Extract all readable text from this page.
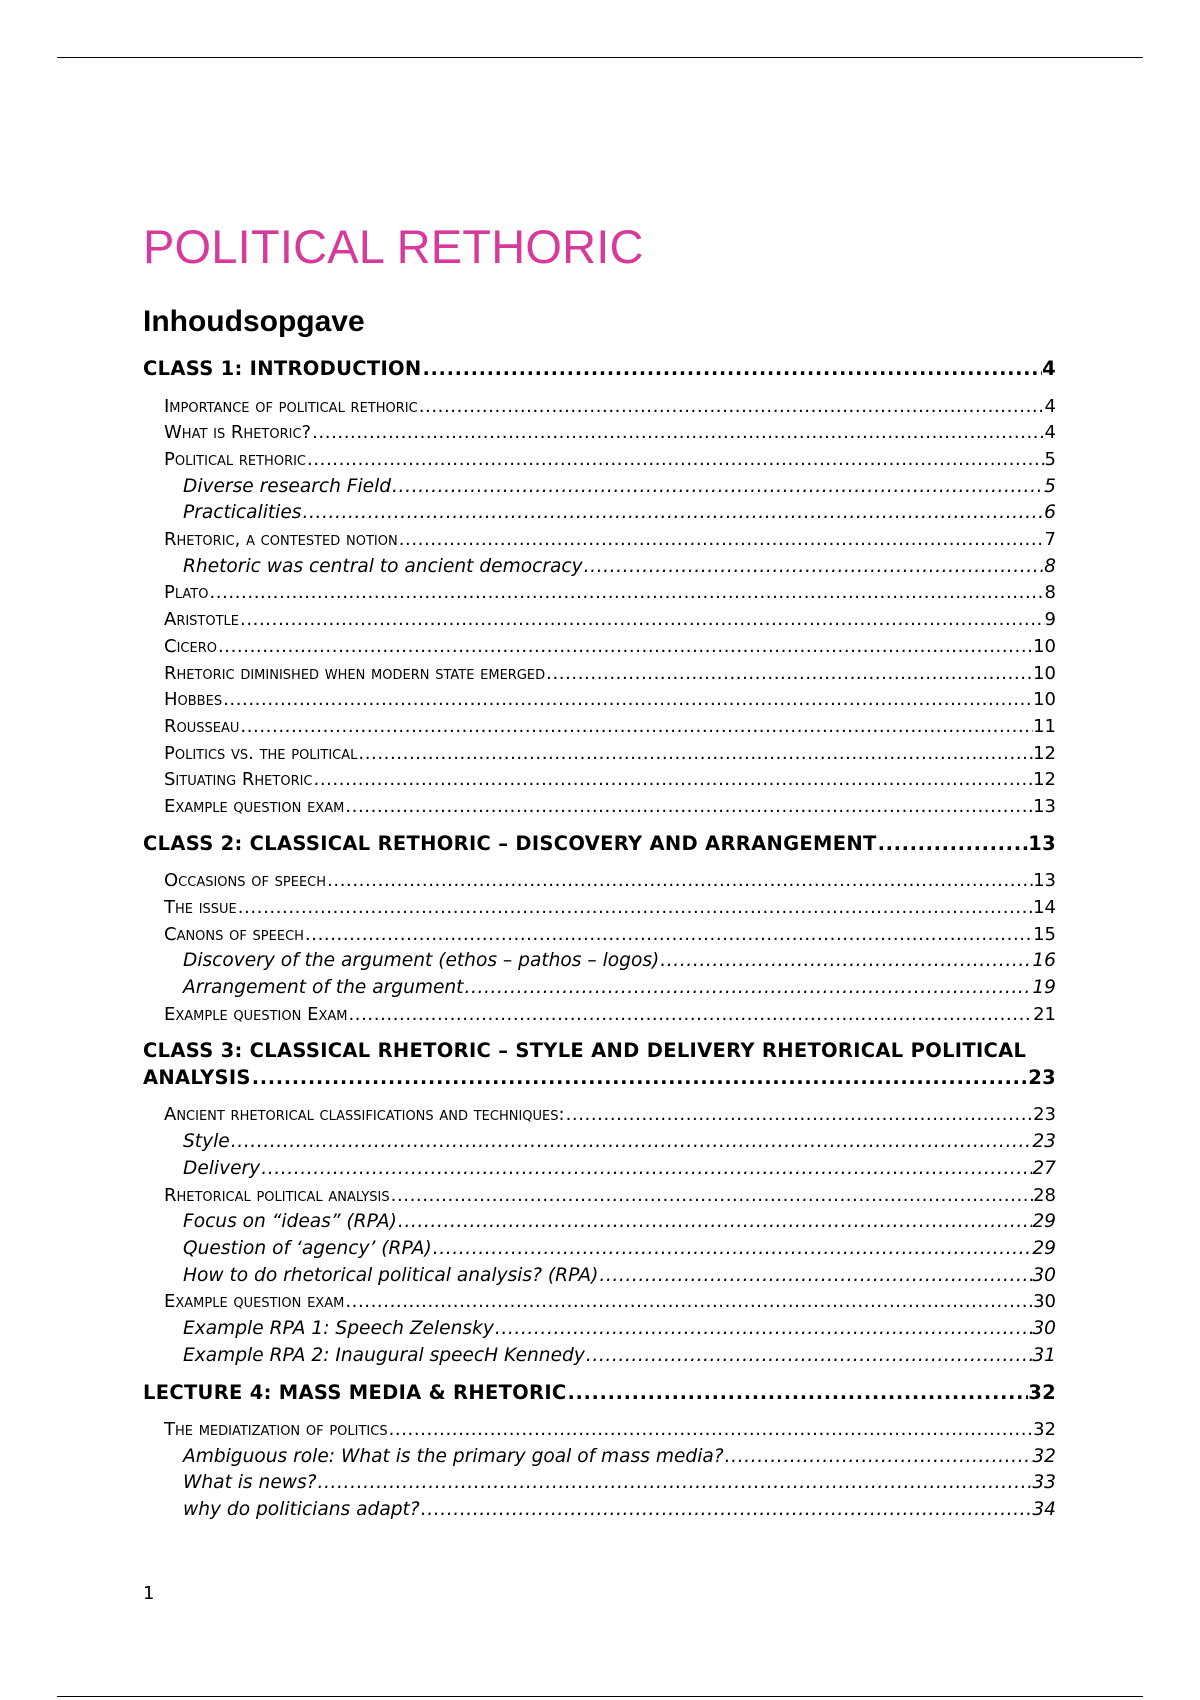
POLITICAL RETHORIC
Inhoudsopgave
CLASS 1: INTRODUCTION .....	4
Importance of political rethoric .....	4
What is Rhetoric? .....	4
Political rethoric .....	5
Diverse research Field .....	5
Practicalities .....	6
Rhetoric, a contested notion .....	7
Rhetoric was central to ancient democracy .....	8
Plato .....	8
Aristotle .....	9
Cicero .....	10
Rhetoric diminished when modern state emerged .....	10
Hobbes .....	10
Rousseau .....	11
Politics vs. the political .....	12
Situating Rhetoric .....	12
Example question exam .....	13
CLASS 2: CLASSICAL RETHORIC – DISCOVERY AND ARRANGEMENT .....	13
Occasions of speech .....	13
The issue .....	14
Canons of speech .....	15
Discovery of the argument (ethos – pathos – logos) .....	16
Arrangement of the argument .....	19
Example question Exam .....	21
CLASS 3: CLASSICAL RHETORIC – STYLE AND DELIVERY RHETORICAL POLITICAL
ANALYSIS .....	23
Ancient rhetorical classifications and techniques: .....	23
Style .....	23
Delivery .....	27
Rhetorical political analysis .....	28
Focus on “ideas” (RPA) .....	29
Question of ‘agency’ (RPA) .....	29
How to do rhetorical political analysis? (RPA) .....	30
Example question exam .....	30
Example RPA 1: Speech Zelensky .....	30
Example RPA 2: Inaugural speecH Kennedy .....	31
LECTURE 4: MASS MEDIA & RHETORIC .....	32
The mediatization of politics .....	32
Ambiguous role: What is the primary goal of mass media? .....	32
What is news? .....	33
why do politicians adapt? .....	34
1
